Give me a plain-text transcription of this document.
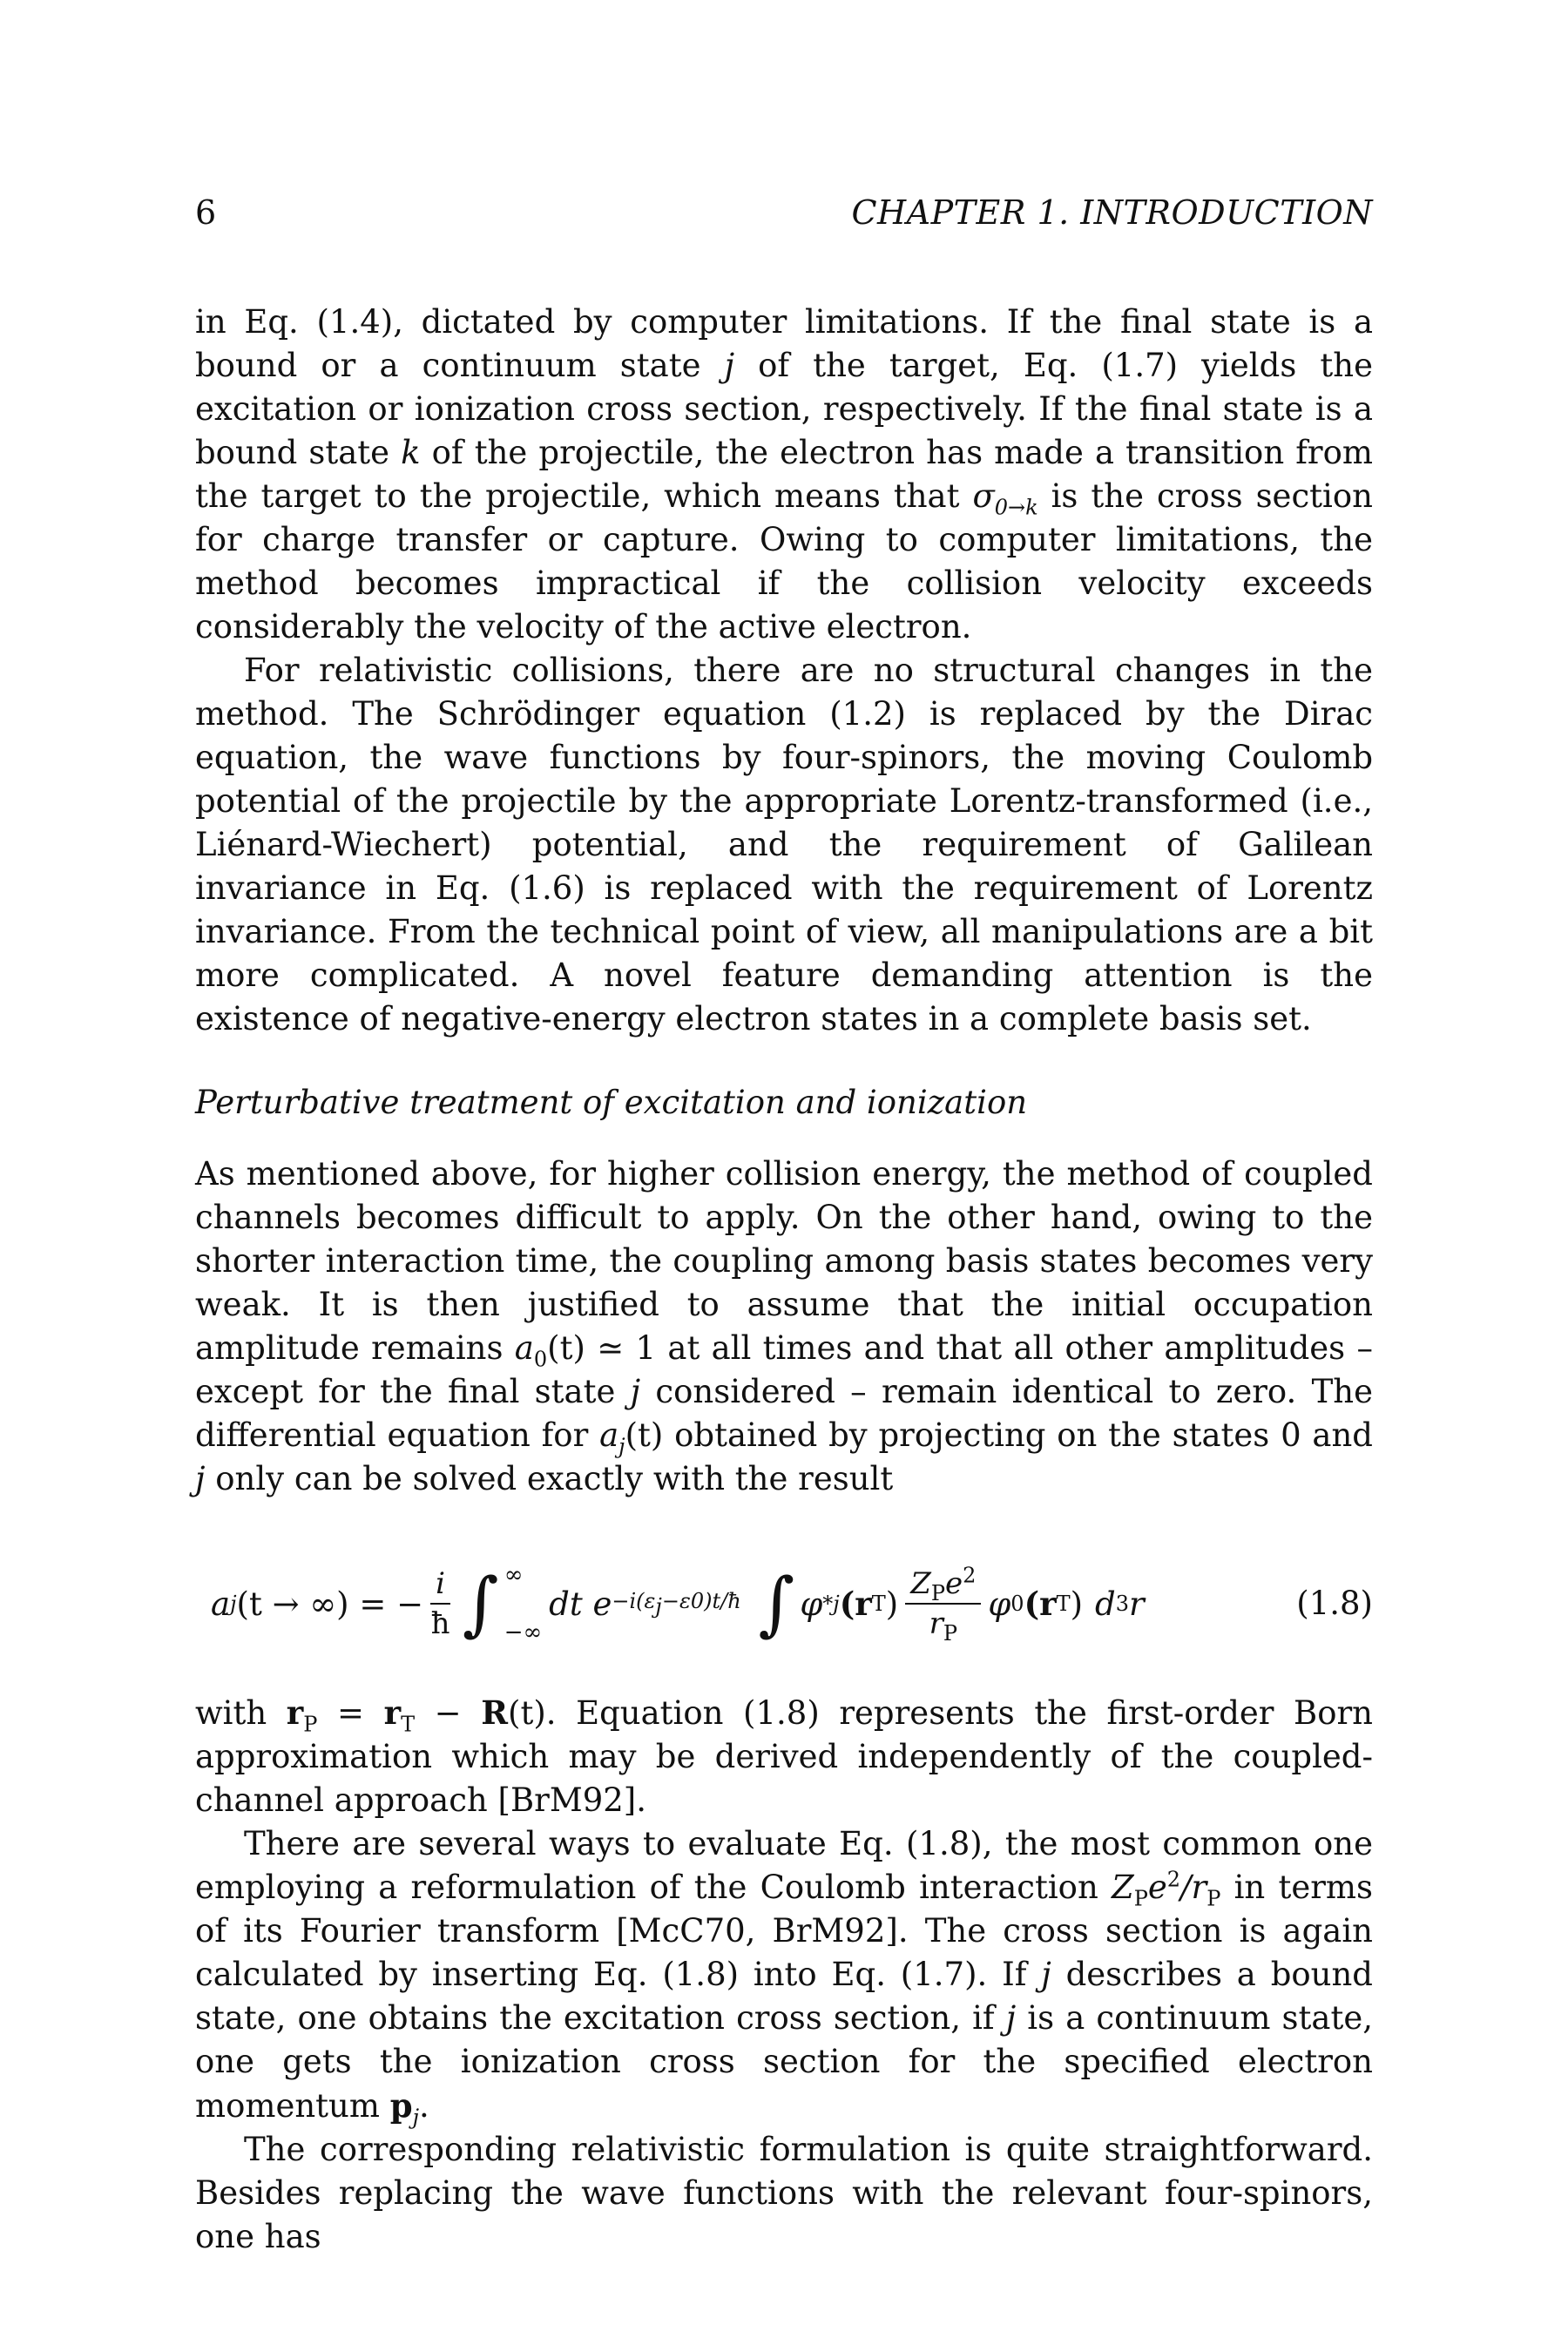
6	CHAPTER 1. INTRODUCTION

in Eq. (1.4), dictated by computer limitations. If the final state is a bound or a continuum state j of the target, Eq. (1.7) yields the excitation or ionization cross section, respectively. If the final state is a bound state k of the projectile, the electron has made a transition from the target to the projectile, which means that $\sigma_{0\to k}$ is the cross section for charge transfer or capture. Owing to computer limitations, the method becomes impractical if the collision velocity exceeds considerably the velocity of the active electron.

For relativistic collisions, there are no structural changes in the method. The Schrödinger equation (1.2) is replaced by the Dirac equation, the wave functions by four-spinors, the moving Coulomb potential of the projectile by the appropriate Lorentz-transformed (i.e., Liénard-Wiechert) potential, and the requirement of Galilean invariance in Eq. (1.6) is replaced with the requirement of Lorentz invariance. From the technical point of view, all manipulations are a bit more complicated. A novel feature demanding attention is the existence of negative-energy electron states in a complete basis set.

Perturbative treatment of excitation and ionization

As mentioned above, for higher collision energy, the method of coupled channels becomes difficult to apply. On the other hand, owing to the shorter interaction time, the coupling among basis states becomes very weak. It is then justified to assume that the initial occupation amplitude remains $a_0(t)$ ≃ 1 at all times and that all other amplitudes – except for the final state j considered – remain identical to zero. The differential equation for $a_j(t)$ obtained by projecting on the states 0 and j only can be solved exactly with the result

a j (t → ∞) = − $\frac{i}{ħ}$ ∫ ∞
−∞
dt $e -i(\varepsilon_j-\varepsilon 0)t/ħ$ ∫ φ * j (r T ) $\frac{Z_Pe^2}{r_P}$ φ 0 (r T ) d 3 r	(1.8)

with $r_P = r_T - R(t)$. Equation (1.8) represents the first-order Born approximation which may be derived independently of the coupled-channel approach [BrM92].

There are several ways to evaluate Eq. (1.8), the most common one employing a reformulation of the Coulomb interaction $Z_Pe^2/r_P$ in terms of its Fourier transform [McC70, BrM92]. The cross section is again calculated by inserting Eq. (1.8) into Eq. (1.7). If j describes a bound state, one obtains the excitation cross section, if j is a continuum state, one gets the ionization cross section for the specified electron momentum $p_j$.

The corresponding relativistic formulation is quite straightforward. Besides replacing the wave functions with the relevant four-spinors, one has
